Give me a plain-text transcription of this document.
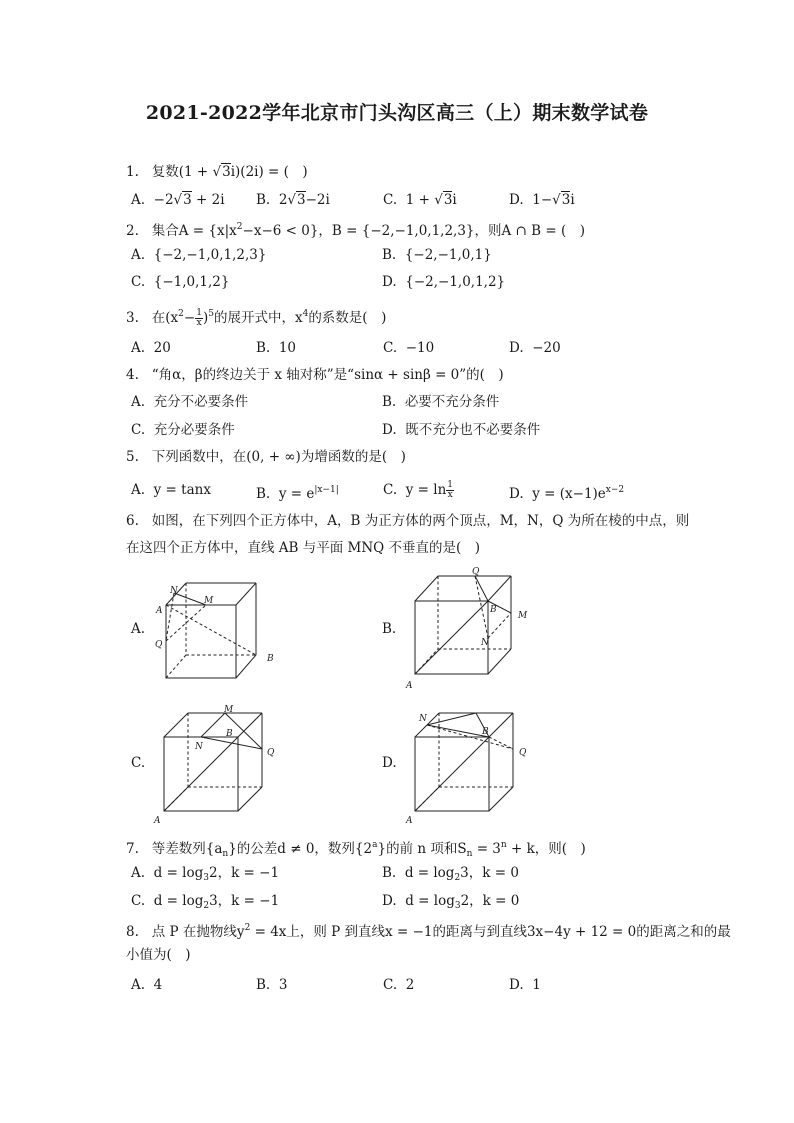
2021-2022学年北京市门头沟区高三（上）期末数学试卷
1. 复数(1 + √3i)(2i) = (　)
A. −2√3 + 2i B. 2√3−2i	C. 1 + √3i	D. 1−√3i
2. 集合$A = \{x|x^2-x-6 < 0\}$，B = {−2,−1,0,1,2,3}，则A ∩ B = (　)
A. {−2,−1,0,1,2,3}	B. {−2,−1,0,1}
C. {−1,0,1,2}	D. {−2,−1,0,1,2}
3. 在$(x^2- \frac{1}{x} )^5$的展开式中，$x^4$的系数是(　)
A. 20	B. 10	C. −10	D. −20
4. “角α，β的终边关于 x 轴对称”是“sinα + sinβ = 0”的(　)
A. 充分不必要条件	B. 必要不充分条件
C. 充分必要条件	D. 既不充分也不必要条件
5. 下列函数中，在(0, + ∞)为增函数的是(　)
A. y = tanx	B. $y = e^{|x-1|}$	C. $y = \ln \frac{1}{x}$	D. $y = (x-1)e^{x-2}$
6. 如图，在下列四个正方体中，A，B 为正方体的两个顶点，M，N，Q 为所在棱的中点，则
在这四个正方体中，直线 AB 与平面 MNQ 不垂直的是(　)
A.	B.
C.	D.
N
M
A
Q
B
Q
B
M
N
A
M
B
N
Q
A
N
B
Q
A
7. 等差数列$\{a_n\}$的公差d ≠ 0，数列{2$^a$}的前 n 项和$S_n = 3^n + k$，则(　)
A. $d = \log_32$，k = −1	B. $d = \log_23$，k = 0
C. $d = \log_23$，k = −1	D. $d = \log_32$，k = 0
8. 点 P 在抛物线$y^2 = 4x$上，则 P 到直线x = −1的距离与到直线3x−4y + 12 = 0的距离之和的最
小值为(　)
A. 4	B. 3	C. 2	D. 1
